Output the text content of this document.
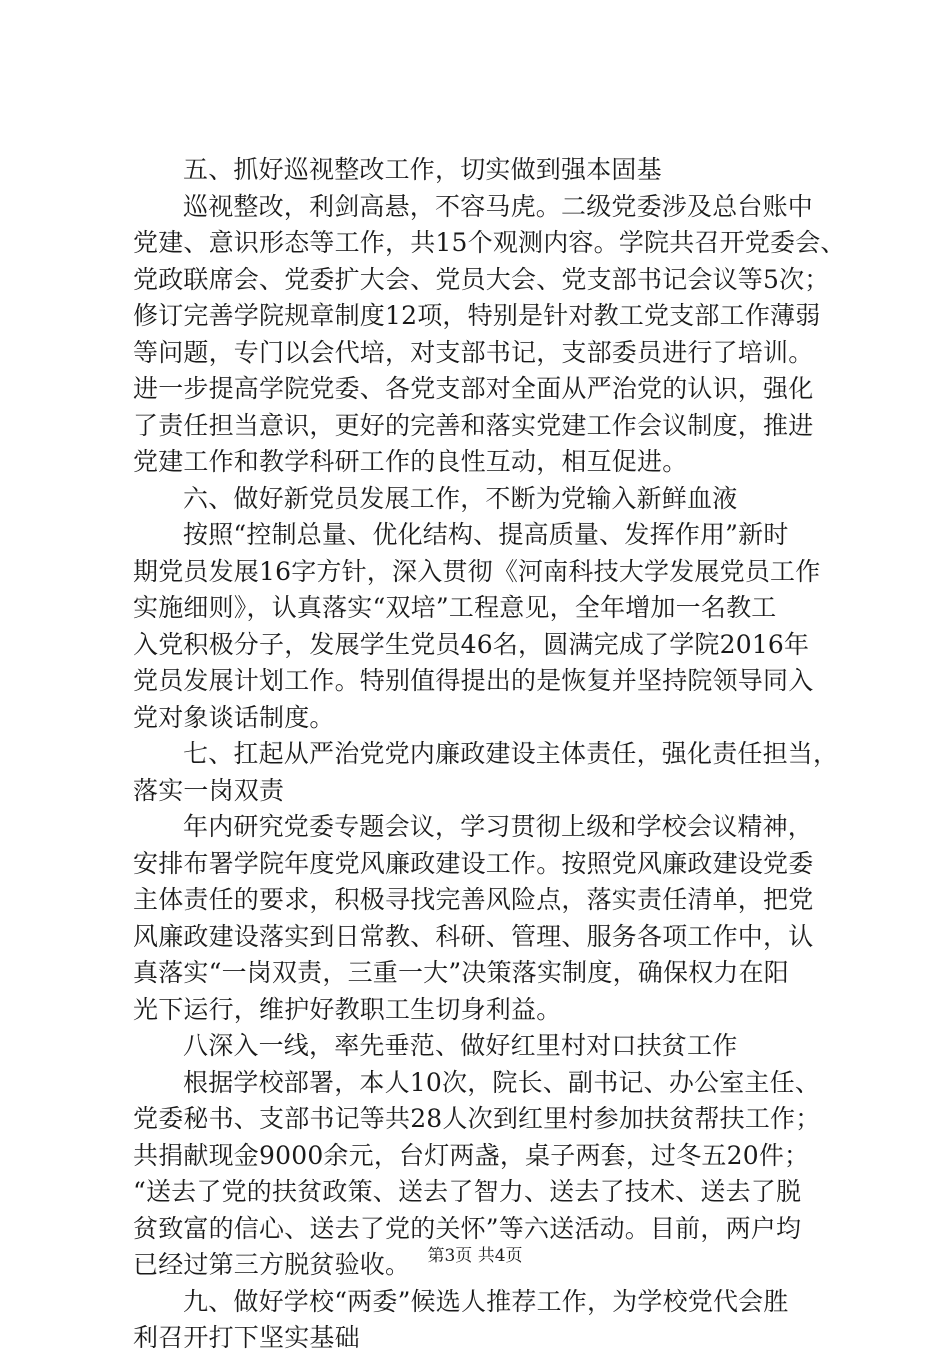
五、抓好巡视整改工作，切实做到强本固基
巡视整改，利剑高悬，不容马虎。二级党委涉及总台账中
党建、意识形态等工作，共15个观测内容。学院共召开党委会、
党政联席会、党委扩大会、党员大会、党支部书记会议等5次；
修订完善学院规章制度12项，特别是针对教工党支部工作薄弱
等问题，专门以会代培，对支部书记，支部委员进行了培训。
进一步提高学院党委、各党支部对全面从严治党的认识，强化
了责任担当意识，更好的完善和落实党建工作会议制度，推进
党建工作和教学科研工作的良性互动，相互促进。
六、做好新党员发展工作，不断为党输入新鲜血液
按照“控制总量、优化结构、提高质量、发挥作用”新时
期党员发展16字方针，深入贯彻《河南科技大学发展党员工作
实施细则》，认真落实“双培”工程意见，全年增加一名教工
入党积极分子，发展学生党员46名，圆满完成了学院2016年
党员发展计划工作。特别值得提出的是恢复并坚持院领导同入
党对象谈话制度。
七、扛起从严治党党内廉政建设主体责任，强化责任担当，
落实一岗双责
年内研究党委专题会议，学习贯彻上级和学校会议精神，
安排布署学院年度党风廉政建设工作。按照党风廉政建设党委
主体责任的要求，积极寻找完善风险点，落实责任清单，把党
风廉政建设落实到日常教、科研、管理、服务各项工作中，认
真落实“一岗双责，三重一大”决策落实制度，确保权力在阳
光下运行，维护好教职工生切身利益。
八深入一线，率先垂范、做好红里村对口扶贫工作
根据学校部署，本人10次，院长、副书记、办公室主任、
党委秘书、支部书记等共28人次到红里村参加扶贫帮扶工作；
共捐献现金9000余元，台灯两盏，桌子两套，过冬五20件；
“送去了党的扶贫政策、送去了智力、送去了技术、送去了脱
贫致富的信心、送去了党的关怀”等六送活动。目前，两户均
已经过第三方脱贫验收。
九、做好学校“两委”候选人推荐工作，为学校党代会胜
利召开打下坚实基础
第3页 共4页
